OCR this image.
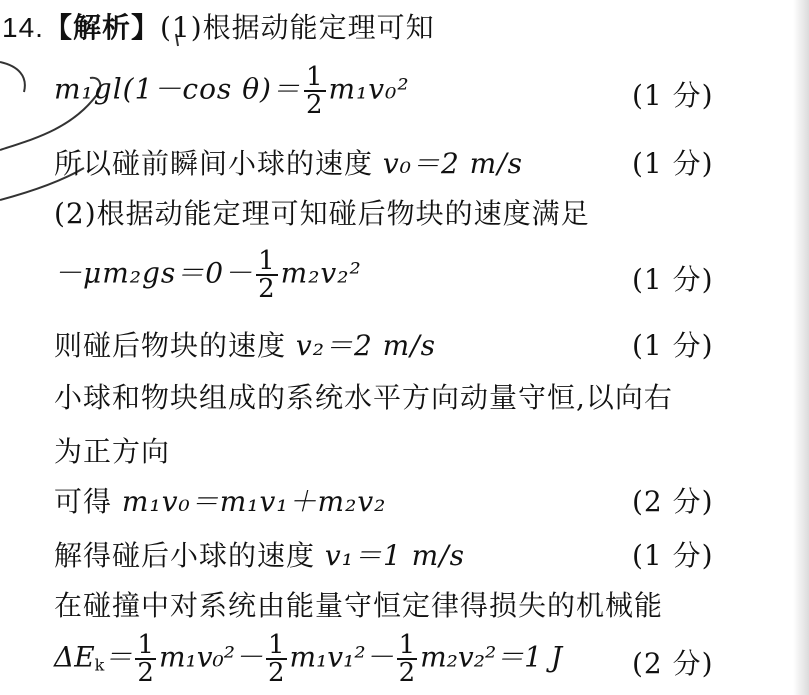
14.【解析】(1)根据动能定理可知
m₁gl(1－cos $\theta)= \frac{1}{2} m_1v_0^2$	(1 分)
所以碰前瞬间小球的速度 v₀＝2 m/s	(1 分)
(2)根据动能定理可知碰后物块的速度满足
$-\mu m_2gs=0- \frac{1}{2} m_2v_2^2$	(1 分)
则碰后物块的速度 v₂＝2 m/s	(1 分)
小球和物块组成的系统水平方向动量守恒,以向右
为正方向
可得 m₁v₀＝m₁v₁＋m₂v₂	(2 分)
解得碰后小球的速度 v₁＝1 m/s	(1 分)
在碰撞中对系统由能量守恒定律得损失的机械能
$\Delta E_k= \frac{1}{2} m_1v_0^2- \frac{1}{2} m_1v_1^2- \frac{1}{2} m_2v_2^2=1$ J (2 分)
